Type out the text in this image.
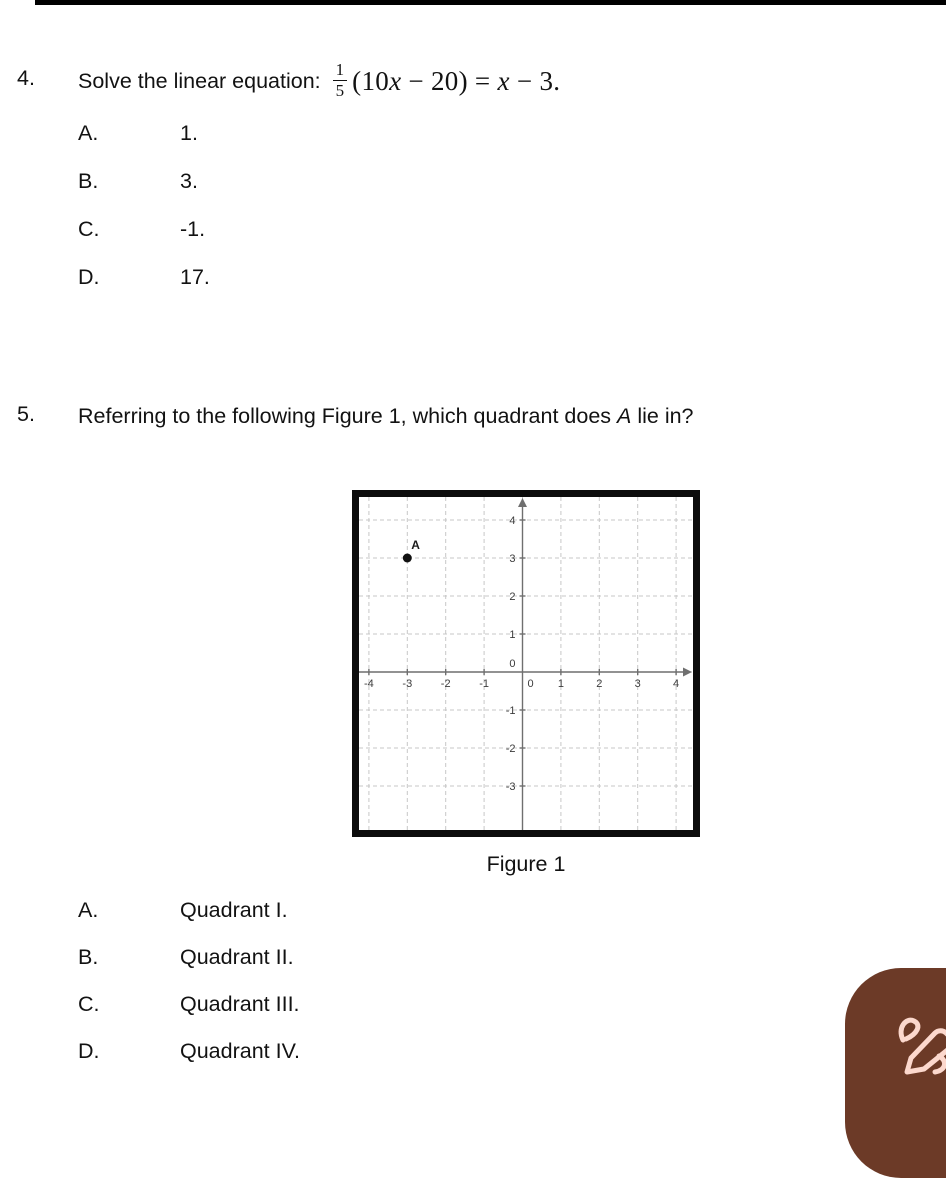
4. Solve the linear equation: $\frac{1}{5} (10x - 20) = x - 3$.
A.	1.
B.	3.
C.	-1.
D.	17.
5. Referring to the following Figure 1, which quadrant does A lie in?
-4	-3	-2	-1	0 1	2	3	4
-3
-2
-1
0
1
2
3
4
A
Figure 1
A.	Quadrant I.
B.	Quadrant II.
C.	Quadrant III.
D.	Quadrant IV.
